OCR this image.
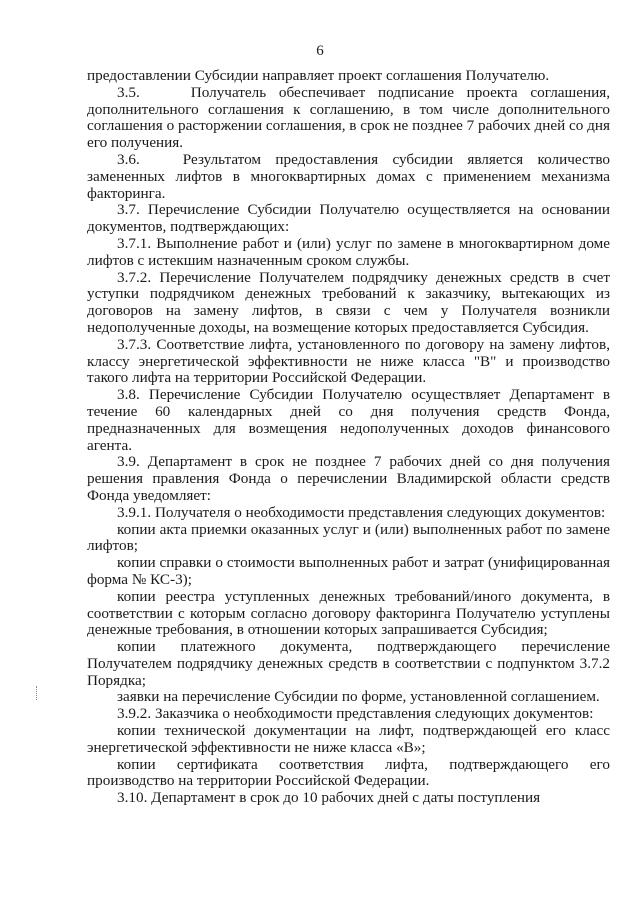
6

предоставлении Субсидии направляет проект соглашения Получателю.

3.5.    Получатель обеспечивает подписание проекта соглашения, дополнительного соглашения к соглашению, в том числе дополнительного соглашения о расторжении соглашения, в срок не позднее 7 рабочих дней со дня его получения.

3.6.   Результатом предоставления субсидии является количество замененных лифтов в многоквартирных домах с применением механизма факторинга.

3.7. Перечисление Субсидии Получателю осуществляется на основании документов, подтверждающих:

3.7.1. Выполнение работ и (или) услуг по замене в многоквартирном доме лифтов с истекшим назначенным сроком службы.

3.7.2. Перечисление Получателем подрядчику денежных средств в счет уступки подрядчиком денежных требований к заказчику, вытекающих из договоров на замену лифтов, в связи с чем у Получателя возникли недополученные доходы, на возмещение которых предоставляется Субсидия.

3.7.3. Соответствие лифта, установленного по договору на замену лифтов, классу энергетической эффективности не ниже класса "B" и производство такого лифта на территории Российской Федерации.

3.8. Перечисление Субсидии Получателю осуществляет Департамент в течение 60 календарных дней со дня получения средств Фонда, предназначенных для возмещения недополученных доходов финансового агента.

3.9. Департамент в срок не позднее 7 рабочих дней со дня получения решения правления Фонда о перечислении Владимирской области средств Фонда уведомляет:

3.9.1. Получателя о необходимости представления следующих документов:

копии акта приемки оказанных услуг и (или) выполненных работ по замене лифтов;

копии справки о стоимости выполненных работ и затрат (унифицированная форма № КС-3);

копии реестра уступленных денежных требований/иного документа, в соответствии с которым согласно договору факторинга Получателю уступлены денежные требования, в отношении которых запрашивается Субсидия;

копии платежного документа, подтверждающего перечисление Получателем подрядчику денежных средств в соответствии с подпунктом 3.7.2 Порядка;

заявки на перечисление Субсидии по форме, установленной соглашением.

3.9.2. Заказчика о необходимости представления следующих документов:

копии технической документации на лифт, подтверждающей его класс энергетической эффективности не ниже класса «В»;

копии сертификата соответствия лифта, подтверждающего его производство на территории Российской Федерации.

3.10. Департамент в срок до 10 рабочих дней с даты поступления
